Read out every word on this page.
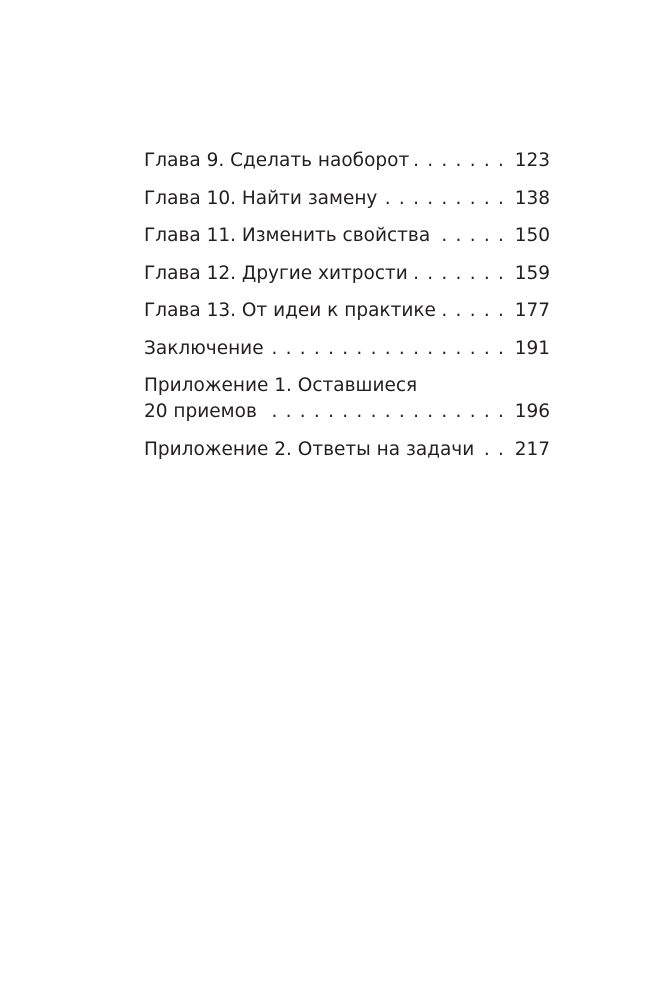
Глава 9. Сделать наоборот	123
. . .
Глава 10. Найти замену	138
. . .
Глава 11. Изменить свойства	150
. . .
Глава 12. Другие хитрости	159
. . .
Глава 13. От идеи к практике	177
. . .
Заключение	191
. . .
Приложение 1. Оставшиеся
20 приемов	196
. . .
Приложение 2. Ответы на задачи 217
. . .
